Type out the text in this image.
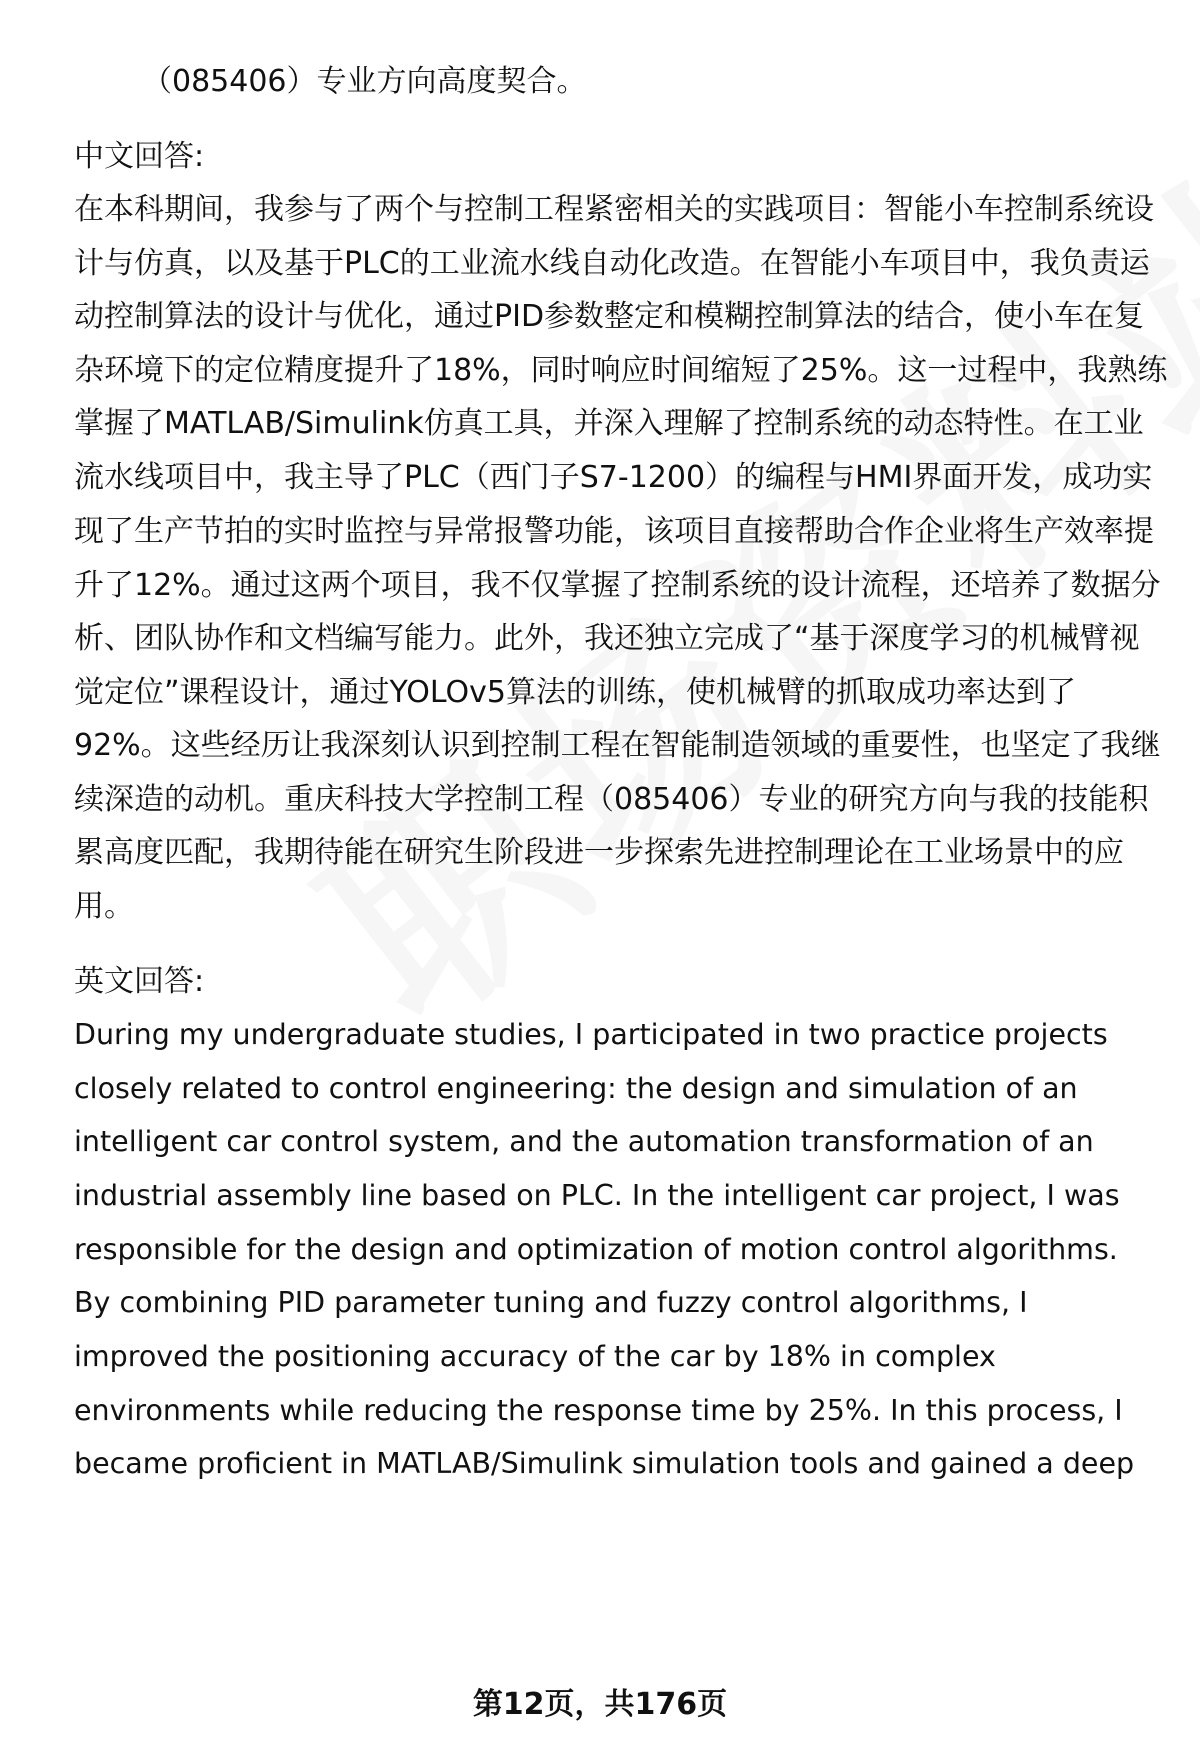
（085406）专业方向高度契合。
中文回答:
在本科期间，我参与了两个与控制工程紧密相关的实践项目：智能小车控制系统设
计与仿真，以及基于PLC的工业流水线自动化改造。在智能小车项目中，我负责运
动控制算法的设计与优化，通过PID参数整定和模糊控制算法的结合，使小车在复
杂环境下的定位精度提升了18%，同时响应时间缩短了25%。这一过程中，我熟练
掌握了MATLAB/Simulink仿真工具，并深入理解了控制系统的动态特性。在工业
流水线项目中，我主导了PLC（西门子S7-1200）的编程与HMI界面开发，成功实
现了生产节拍的实时监控与异常报警功能，该项目直接帮助合作企业将生产效率提
升了12%。通过这两个项目，我不仅掌握了控制系统的设计流程，还培养了数据分
析、团队协作和文档编写能力。此外，我还独立完成了“基于深度学习的机械臂视
觉定位”课程设计，通过YOLOv5算法的训练，使机械臂的抓取成功率达到了
92%。这些经历让我深刻认识到控制工程在智能制造领域的重要性，也坚定了我继
续深造的动机。重庆科技大学控制工程（085406）专业的研究方向与我的技能积
累高度匹配，我期待能在研究生阶段进一步探索先进控制理论在工业场景中的应
用。
英文回答:
During my undergraduate studies, I participated in two practice projects
closely related to control engineering: the design and simulation of an
intelligent car control system, and the automation transformation of an
industrial assembly line based on PLC. In the intelligent car project, I was
responsible for the design and optimization of motion control algorithms.
By combining PID parameter tuning and fuzzy control algorithms, I
improved the positioning accuracy of the car by 18% in complex
environments while reducing the response time by 25%. In this process, I
became proficient in MATLAB/Simulink simulation tools and gained a deep
第12页，共176页
